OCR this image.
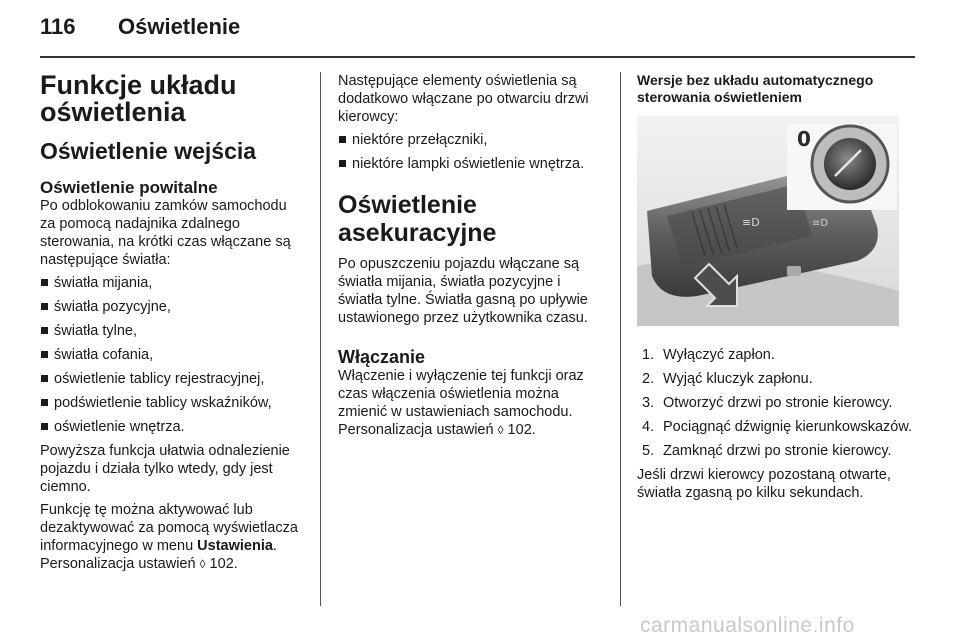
116 Oświetlenie
Funkcje układu oświetlenia
Oświetlenie wejścia
Oświetlenie powitalne

Po odblokowaniu zamków samochodu za pomocą nadajnika zdalnego sterowania, na krótki czas włączane są następujące światła:

światła mijania,
światła pozycyjne,
światła tylne,
światła cofania,
oświetlenie tablicy rejestracyjnej,
podświetlenie tablicy wskaźników,
oświetlenie wnętrza.

Powyższa funkcja ułatwia odnalezienie pojazdu i działa tylko wtedy, gdy jest ciemno.

Funkcję tę można aktywować lub dezaktywować za pomocą wyświetlacza informacyjnego w menu Ustawienia. Personalizacja ustawień ◊ 102.

Następujące elementy oświetlenia są dodatkowo włączane po otwarciu drzwi kierowcy:

niektóre przełączniki,
niektóre lampki oświetlenie wnętrza.
Oświetlenie asekuracyjne

Po opuszczeniu pojazdu włączane są światła mijania, światła pozycyjne i światła tylne. Światła gasną po upływie ustawionego przez użytkownika czasu.

Włączanie

Włączenie i wyłączenie tej funkcji oraz czas włączenia oświetlenia można zmienić w ustawieniach samochodu. Personalizacja ustawień ◊ 102.

Wersje bez układu automatycznego sterowania oświetleniem
≡D	≡D
0
1. Wyłączyć zapłon.
2. Wyjąć kluczyk zapłonu.
3. Otworzyć drzwi po stronie kierowcy.
4. Pociągnąć dźwignię kierunkowskazów.
5. Zamknąć drzwi po stronie kierowcy.

Jeśli drzwi kierowcy pozostaną otwarte, światła zgasną po kilku sekundach.

carmanualsonline.info
